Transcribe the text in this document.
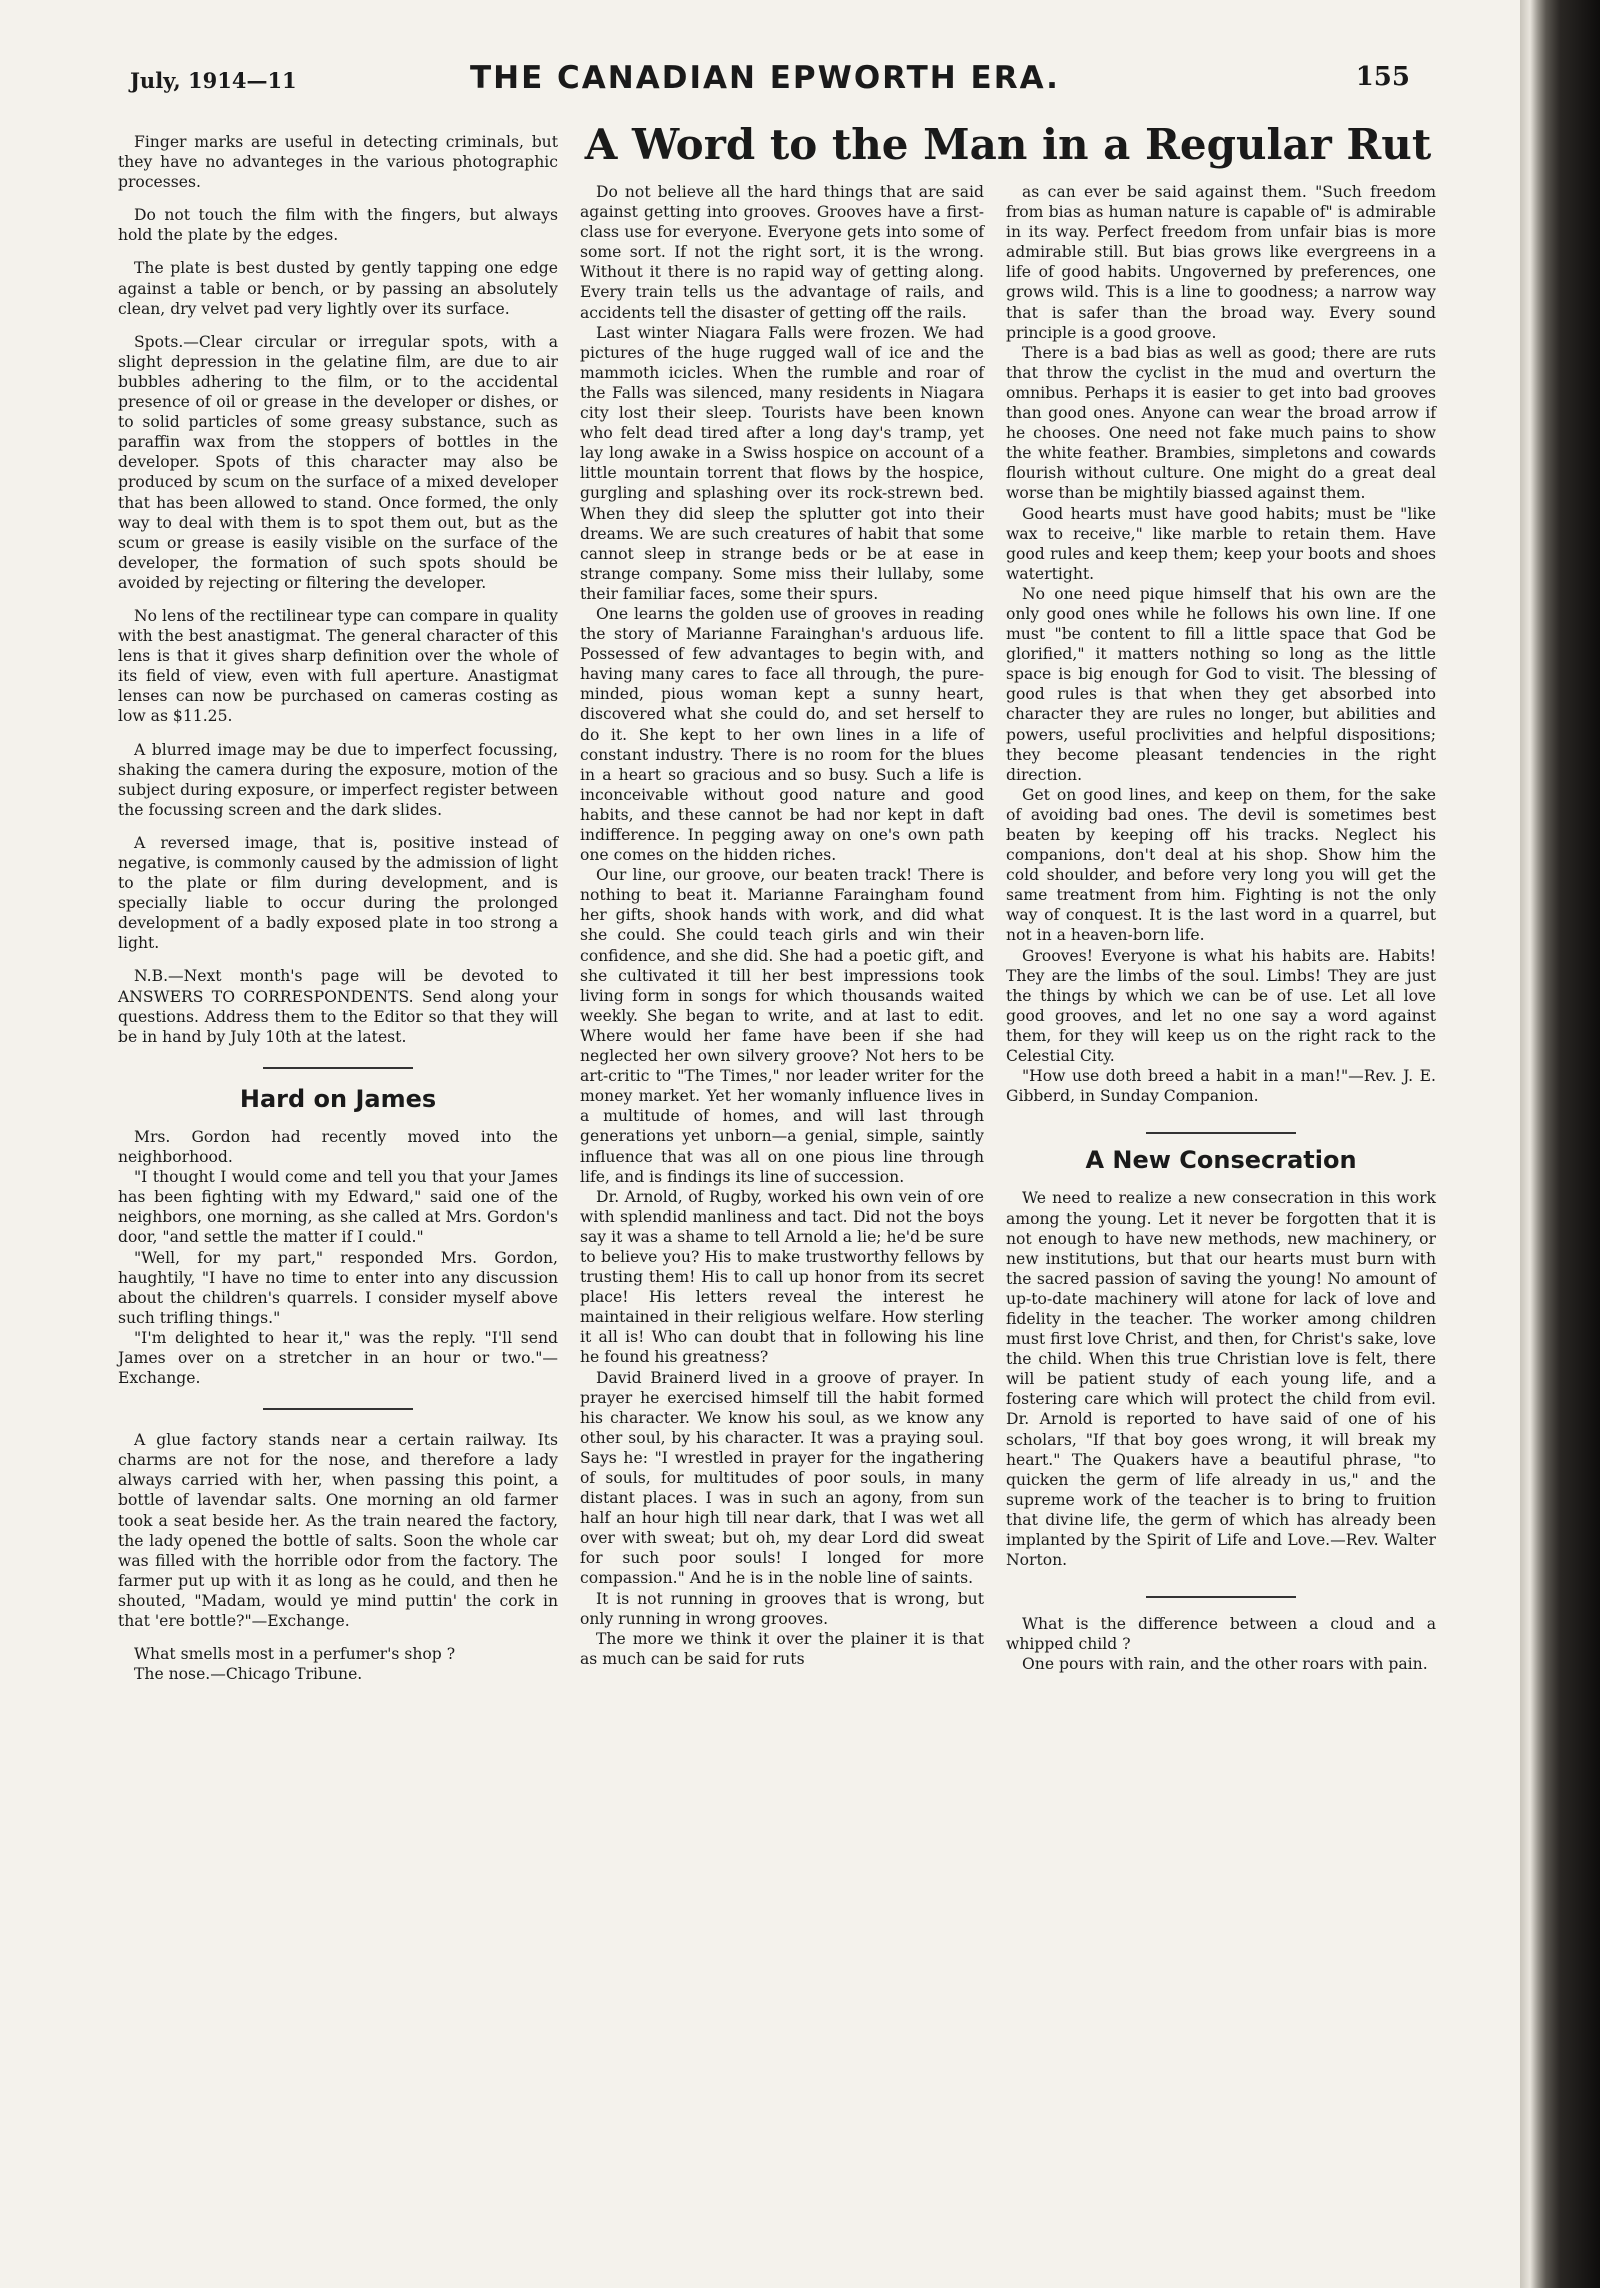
July, 1914—11	THE CANADIAN EPWORTH ERA.	155

Finger marks are useful in detecting criminals, but they have no advanteges in the various photographic processes.

Do not touch the film with the fingers, but always hold the plate by the edges.

The plate is best dusted by gently tapping one edge against a table or bench, or by passing an absolutely clean, dry velvet pad very lightly over its surface.

Spots.—Clear circular or irregular spots, with a slight depression in the gelatine film, are due to air bubbles adhering to the film, or to the accidental presence of oil or grease in the developer or dishes, or to solid particles of some greasy substance, such as paraffin wax from the stoppers of bottles in the developer. Spots of this character may also be produced by scum on the surface of a mixed developer that has been allowed to stand. Once formed, the only way to deal with them is to spot them out, but as the scum or grease is easily visible on the surface of the developer, the formation of such spots should be avoided by rejecting or filtering the developer.

No lens of the rectilinear type can compare in quality with the best anastigmat. The general character of this lens is that it gives sharp definition over the whole of its field of view, even with full aperture. Anastigmat lenses can now be purchased on cameras costing as low as $11.25.

A blurred image may be due to imperfect focussing, shaking the camera during the exposure, motion of the subject during exposure, or imperfect register between the focussing screen and the dark slides.

A reversed image, that is, positive instead of negative, is commonly caused by the admission of light to the plate or film during development, and is specially liable to occur during the prolonged development of a badly exposed plate in too strong a light.

N.B.—Next month's page will be devoted to ANSWERS TO CORRESPONDENTS. Send along your questions. Address them to the Editor so that they will be in hand by July 10th at the latest.

Hard on James

Mrs. Gordon had recently moved into the neighborhood.

"I thought I would come and tell you that your James has been fighting with my Edward," said one of the neighbors, one morning, as she called at Mrs. Gordon's door, "and settle the matter if I could."

"Well, for my part," responded Mrs. Gordon, haughtily, "I have no time to enter into any discussion about the children's quarrels. I consider myself above such trifling things."

"I'm delighted to hear it," was the reply. "I'll send James over on a stretcher in an hour or two."—Exchange.

A glue factory stands near a certain railway. Its charms are not for the nose, and therefore a lady always carried with her, when passing this point, a bottle of lavendar salts. One morning an old farmer took a seat beside her. As the train neared the factory, the lady opened the bottle of salts. Soon the whole car was filled with the horrible odor from the factory. The farmer put up with it as long as he could, and then he shouted, "Madam, would ye mind puttin' the cork in that 'ere bottle?"—Exchange.

What smells most in a perfumer's shop ?

The nose.—Chicago Tribune.

A Word to the Man in a Regular Rut

Do not believe all the hard things that are said against getting into grooves. Grooves have a first-class use for everyone. Everyone gets into some of some sort. If not the right sort, it is the wrong. Without it there is no rapid way of getting along. Every train tells us the advantage of rails, and accidents tell the disaster of getting off the rails.

Last winter Niagara Falls were frozen. We had pictures of the huge rugged wall of ice and the mammoth icicles. When the rumble and roar of the Falls was silenced, many residents in Niagara city lost their sleep. Tourists have been known who felt dead tired after a long day's tramp, yet lay long awake in a Swiss hospice on account of a little mountain torrent that flows by the hospice, gurgling and splashing over its rock-strewn bed. When they did sleep the splutter got into their dreams. We are such creatures of habit that some cannot sleep in strange beds or be at ease in strange company. Some miss their lullaby, some their familiar faces, some their spurs.

One learns the golden use of grooves in reading the story of Marianne Farainghan's arduous life. Possessed of few advantages to begin with, and having many cares to face all through, the pure-minded, pious woman kept a sunny heart, discovered what she could do, and set herself to do it. She kept to her own lines in a life of constant industry. There is no room for the blues in a heart so gracious and so busy. Such a life is inconceivable without good nature and good habits, and these cannot be had nor kept in daft indifference. In pegging away on one's own path one comes on the hidden riches.

Our line, our groove, our beaten track! There is nothing to beat it. Marianne Faraingham found her gifts, shook hands with work, and did what she could. She could teach girls and win their confidence, and she did. She had a poetic gift, and she cultivated it till her best impressions took living form in songs for which thousands waited weekly. She began to write, and at last to edit. Where would her fame have been if she had neglected her own silvery groove? Not hers to be art-critic to "The Times," nor leader writer for the money market. Yet her womanly influence lives in a multitude of homes, and will last through generations yet unborn—a genial, simple, saintly influence that was all on one pious line through life, and is findings its line of succession.

Dr. Arnold, of Rugby, worked his own vein of ore with splendid manliness and tact. Did not the boys say it was a shame to tell Arnold a lie; he'd be sure to believe you? His to make trustworthy fellows by trusting them! His to call up honor from its secret place! His letters reveal the interest he maintained in their religious welfare. How sterling it all is! Who can doubt that in following his line he found his greatness?

David Brainerd lived in a groove of prayer. In prayer he exercised himself till the habit formed his character. We know his soul, as we know any other soul, by his character. It was a praying soul. Says he: "I wrestled in prayer for the ingathering of souls, for multitudes of poor souls, in many distant places. I was in such an agony, from sun half an hour high till near dark, that I was wet all over with sweat; but oh, my dear Lord did sweat for such poor souls! I longed for more compassion." And he is in the noble line of saints.

It is not running in grooves that is wrong, but only running in wrong grooves.

The more we think it over the plainer it is that as much can be said for ruts

as can ever be said against them. "Such freedom from bias as human nature is capable of" is admirable in its way. Perfect freedom from unfair bias is more admirable still. But bias grows like evergreens in a life of good habits. Ungoverned by preferences, one grows wild. This is a line to goodness; a narrow way that is safer than the broad way. Every sound principle is a good groove.

There is a bad bias as well as good; there are ruts that throw the cyclist in the mud and overturn the omnibus. Perhaps it is easier to get into bad grooves than good ones. Anyone can wear the broad arrow if he chooses. One need not fake much pains to show the white feather. Brambies, simpletons and cowards flourish without culture. One might do a great deal worse than be mightily biassed against them.

Good hearts must have good habits; must be "like wax to receive," like marble to retain them. Have good rules and keep them; keep your boots and shoes watertight.

No one need pique himself that his own are the only good ones while he follows his own line. If one must "be content to fill a little space that God be glorified," it matters nothing so long as the little space is big enough for God to visit. The blessing of good rules is that when they get absorbed into character they are rules no longer, but abilities and powers, useful proclivities and helpful dispositions; they become pleasant tendencies in the right direction.

Get on good lines, and keep on them, for the sake of avoiding bad ones. The devil is sometimes best beaten by keeping off his tracks. Neglect his companions, don't deal at his shop. Show him the cold shoulder, and before very long you will get the same treatment from him. Fighting is not the only way of conquest. It is the last word in a quarrel, but not in a heaven-born life.

Grooves! Everyone is what his habits are. Habits! They are the limbs of the soul. Limbs! They are just the things by which we can be of use. Let all love good grooves, and let no one say a word against them, for they will keep us on the right rack to the Celestial City.

"How use doth breed a habit in a man!"—Rev. J. E. Gibberd, in Sunday Companion.

A New Consecration

We need to realize a new consecration in this work among the young. Let it never be forgotten that it is not enough to have new methods, new machinery, or new institutions, but that our hearts must burn with the sacred passion of saving the young! No amount of up-to-date machinery will atone for lack of love and fidelity in the teacher. The worker among children must first love Christ, and then, for Christ's sake, love the child. When this true Christian love is felt, there will be patient study of each young life, and a fostering care which will protect the child from evil. Dr. Arnold is reported to have said of one of his scholars, "If that boy goes wrong, it will break my heart." The Quakers have a beautiful phrase, "to quicken the germ of life already in us," and the supreme work of the teacher is to bring to fruition that divine life, the germ of which has already been implanted by the Spirit of Life and Love.—Rev. Walter Norton.

What is the difference between a cloud and a whipped child ?

One pours with rain, and the other roars with pain.
